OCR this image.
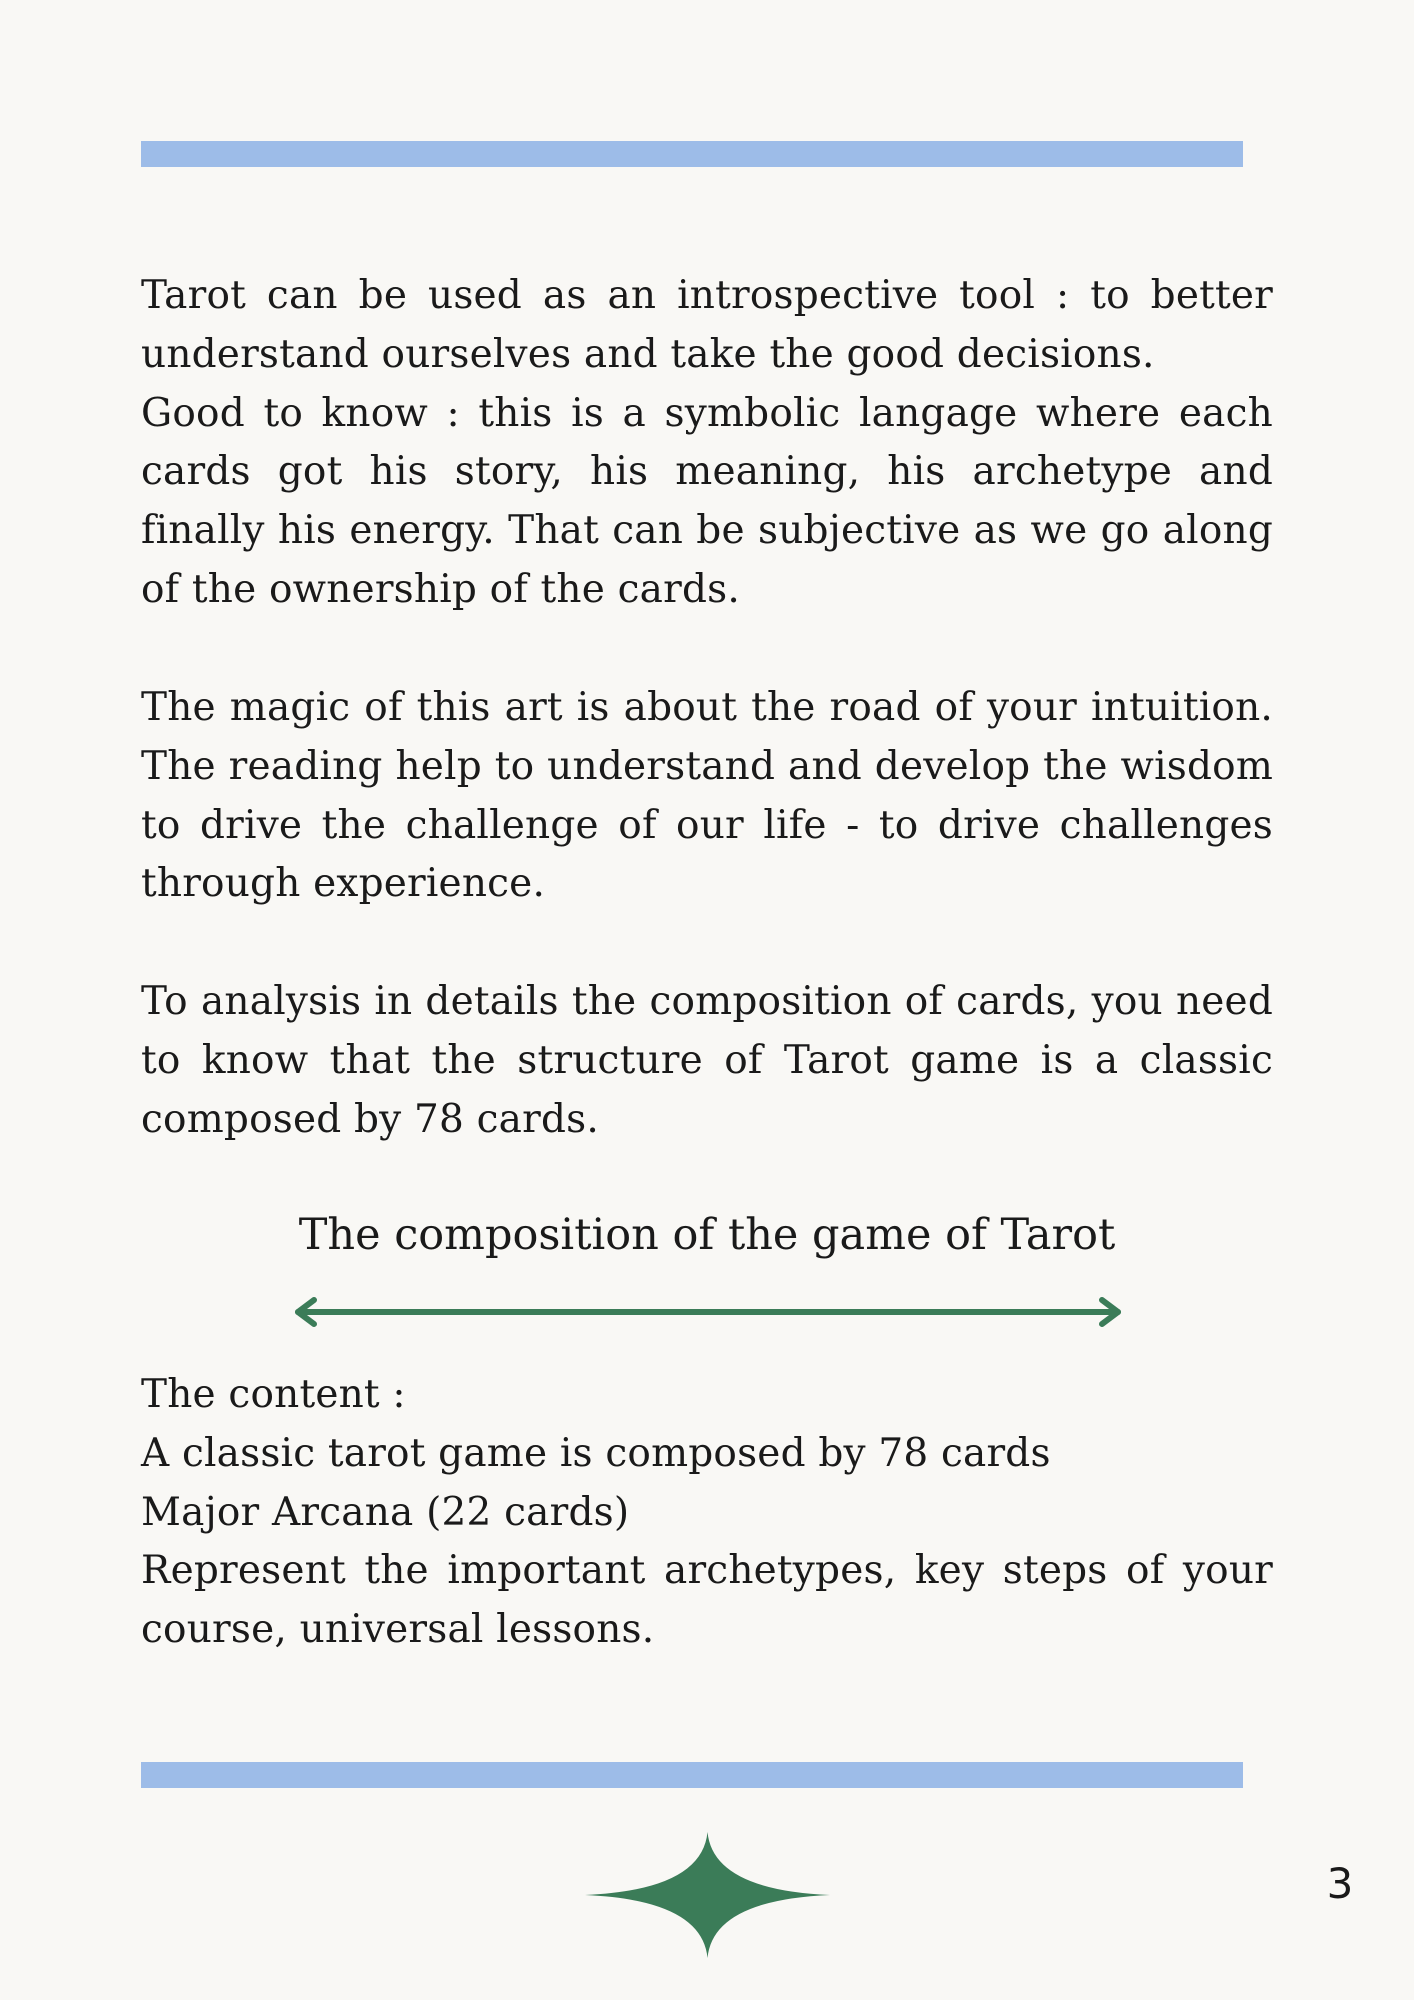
Tarot can be used as an introspective tool : to better understand ourselves and take the good decisions.

Good to know : this is a symbolic langage where each cards got his story, his meaning, his archetype and finally his energy. That can be subjective as we go along of the ownership of the cards.

The magic of this art is about the road of your intuition. The reading help to understand and develop the wisdom to drive the challenge of our life - to drive challenges through experience.

To analysis in details the composition of cards, you need to know that the structure of Tarot game is a classic composed by 78 cards.

The composition of the game of Tarot

The content :

A classic tarot game is composed by 78 cards

Major Arcana (22 cards)

Represent the important archetypes, key steps of your course, universal lessons.

3
